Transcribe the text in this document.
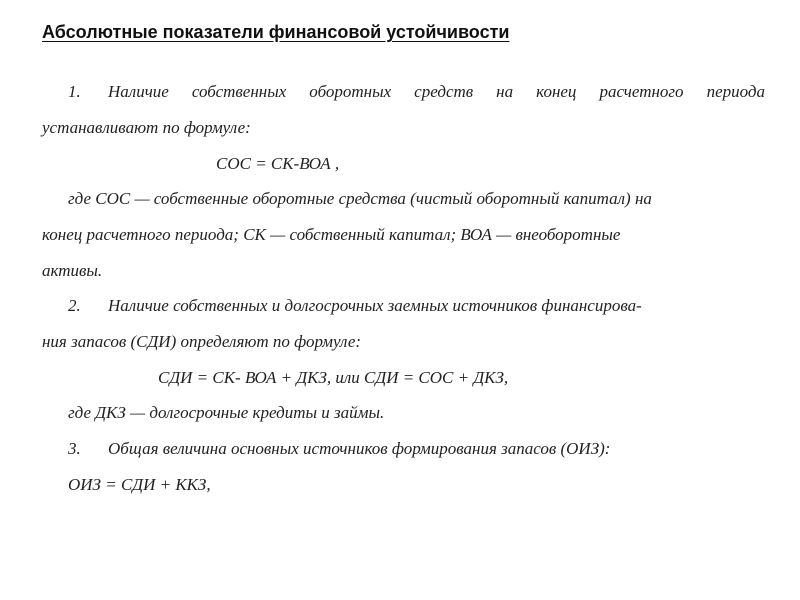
Абсолютные показатели финансовой устойчивости
1. Наличие собственных оборотных средств на конец расчетного периода
устанавливают по формуле:
СОС = СК-ВОА ,
где СОС — собственные оборотные средства (чистый оборотный капитал) на
конец расчетного периода; СК — собственный капитал; ВОА — внеоборотные
активы.
2. Наличие собственных и долгосрочных заемных источников финансирова-
ния запасов (СДИ) определяют по формуле:
СДИ = СК- ВОА + ДКЗ, или СДИ = СОС + ДКЗ,
где ДКЗ — долгосрочные кредиты и займы.
3. Общая величина основных источников формирования запасов (ОИЗ):
ОИЗ = СДИ + ККЗ,
